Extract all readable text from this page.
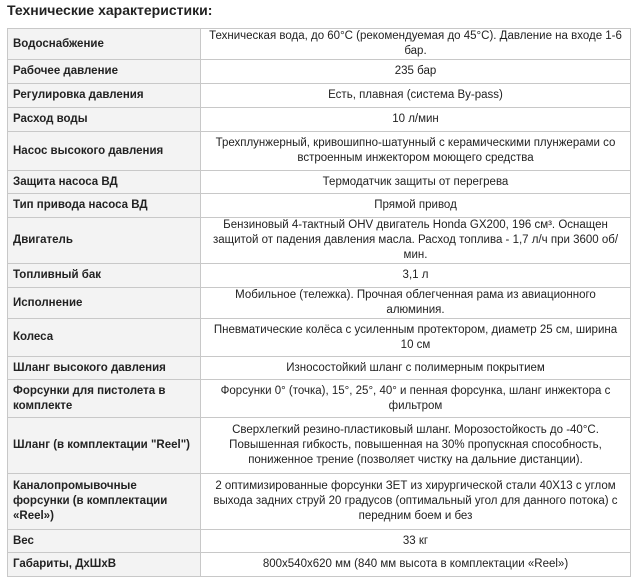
Технические характеристики:
Водоснабжение	Техническая вода, до 60°C (рекомендуемая до 45°C). Давление на входе 1-6 бар.
Рабочее давление	235 бар
Регулировка давления	Есть, плавная (система By-pass)
Расход воды	10 л/мин
Насос высокого давления	Трехплунжерный, кривошипно-шатунный с керамическими плунжерами со встроенным инжектором моющего средства
Защита насоса ВД	Термодатчик защиты от перегрева
Тип привода насоса ВД	Прямой привод
Двигатель	Бензиновый 4-тактный OHV двигатель Honda GX200, 196 см³. Оснащен защитой от падения давления масла. Расход топлива - 1,7 л/ч при 3600 об/мин.
Топливный бак	3,1 л
Исполнение	Мобильное (тележка). Прочная облегченная рама из авиационного алюминия.
Колеса	Пневматические колёса с усиленным протектором, диаметр 25 см, ширина 10 см
Шланг высокого давления	Износостойкий шланг с полимерным покрытием
Форсунки для пистолета в комплекте	Форсунки 0° (точка), 15°, 25°, 40° и пенная форсунка, шланг инжектора с фильтром
Шланг (в комплектации "Reel")	Сверхлегкий резино-пластиковый шланг. Морозостойкость до -40°С. Повышенная гибкость, повышенная на 30% пропускная способность, пониженное трение (позволяет чистку на дальние дистанции).
Каналопромывочные форсунки (в комплектации «Reel»)	2 оптимизированные форсунки ЗЕТ из хирургической стали 40Х13 с углом выхода задних струй 20 градусов (оптимальный угол для данного потока) с передним боем и без
Вес	33 кг
Габариты, ДхШхВ	800х540х620 мм (840 мм высота в комплектации «Reel»)
